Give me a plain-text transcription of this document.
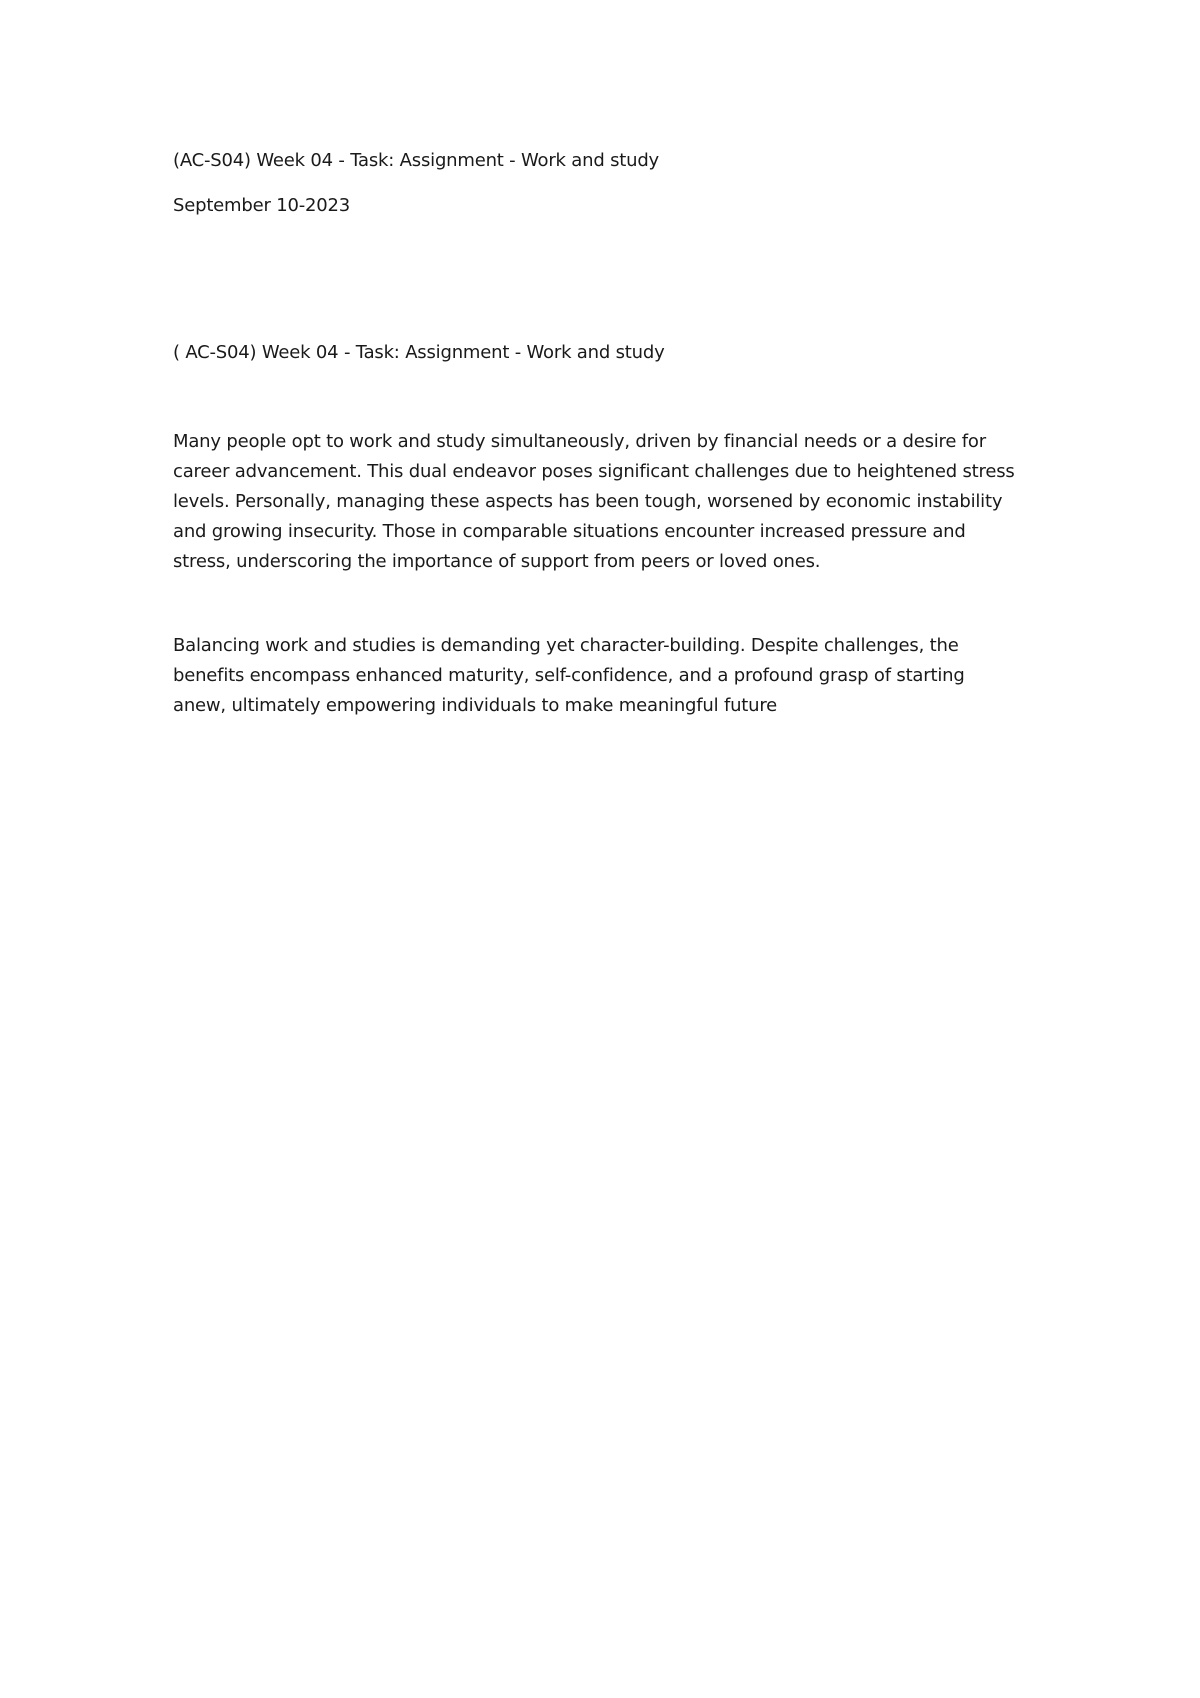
(AC-S04) Week 04 - Task: Assignment - Work and study

September 10-2023

( AC-S04) Week 04 - Task: Assignment - Work and study

Many people opt to work and study simultaneously, driven by financial needs or a desire for

career advancement. This dual endeavor poses significant challenges due to heightened stress

levels. Personally, managing these aspects has been tough, worsened by economic instability

and growing insecurity. Those in comparable situations encounter increased pressure and

stress, underscoring the importance of support from peers or loved ones.

Balancing work and studies is demanding yet character-building. Despite challenges, the

benefits encompass enhanced maturity, self-confidence, and a profound grasp of starting

anew, ultimately empowering individuals to make meaningful future
